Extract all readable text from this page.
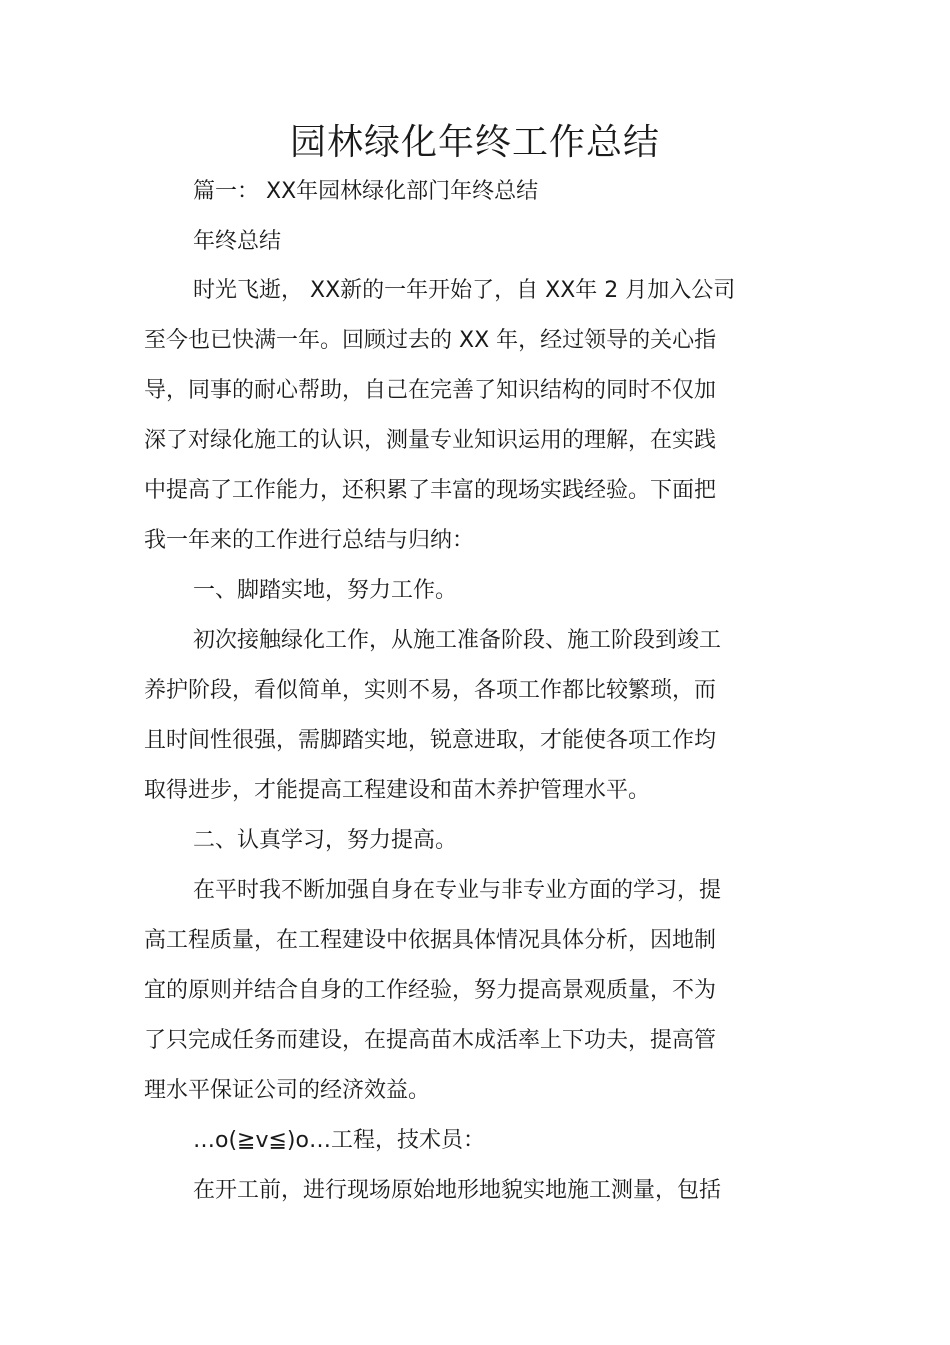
园林绿化年终工作总结

篇一： XX年园林绿化部门年终总结

年终总结

时光飞逝， XX新的一年开始了，自 XX年 2 月加入公司

至今也已快满一年。回顾过去的 XX 年，经过领导的关心指

导，同事的耐心帮助，自己在完善了知识结构的同时不仅加

深了对绿化施工的认识，测量专业知识运用的理解，在实践

中提高了工作能力，还积累了丰富的现场实践经验。下面把

我一年来的工作进行总结与归纳：

一、脚踏实地，努力工作。

初次接触绿化工作，从施工准备阶段、施工阶段到竣工

养护阶段，看似简单，实则不易，各项工作都比较繁琐，而

且时间性很强，需脚踏实地，锐意进取，才能使各项工作均

取得进步，才能提高工程建设和苗木养护管理水平。

二、认真学习，努力提高。

在平时我不断加强自身在专业与非专业方面的学习，提

高工程质量，在工程建设中依据具体情况具体分析，因地制

宜的原则并结合自身的工作经验，努力提高景观质量，不为

了只完成任务而建设，在提高苗木成活率上下功夫，提高管

理水平保证公司的经济效益。

…o(≧v≦)o…工程，技术员：

在开工前，进行现场原始地形地貌实地施工测量，包括
